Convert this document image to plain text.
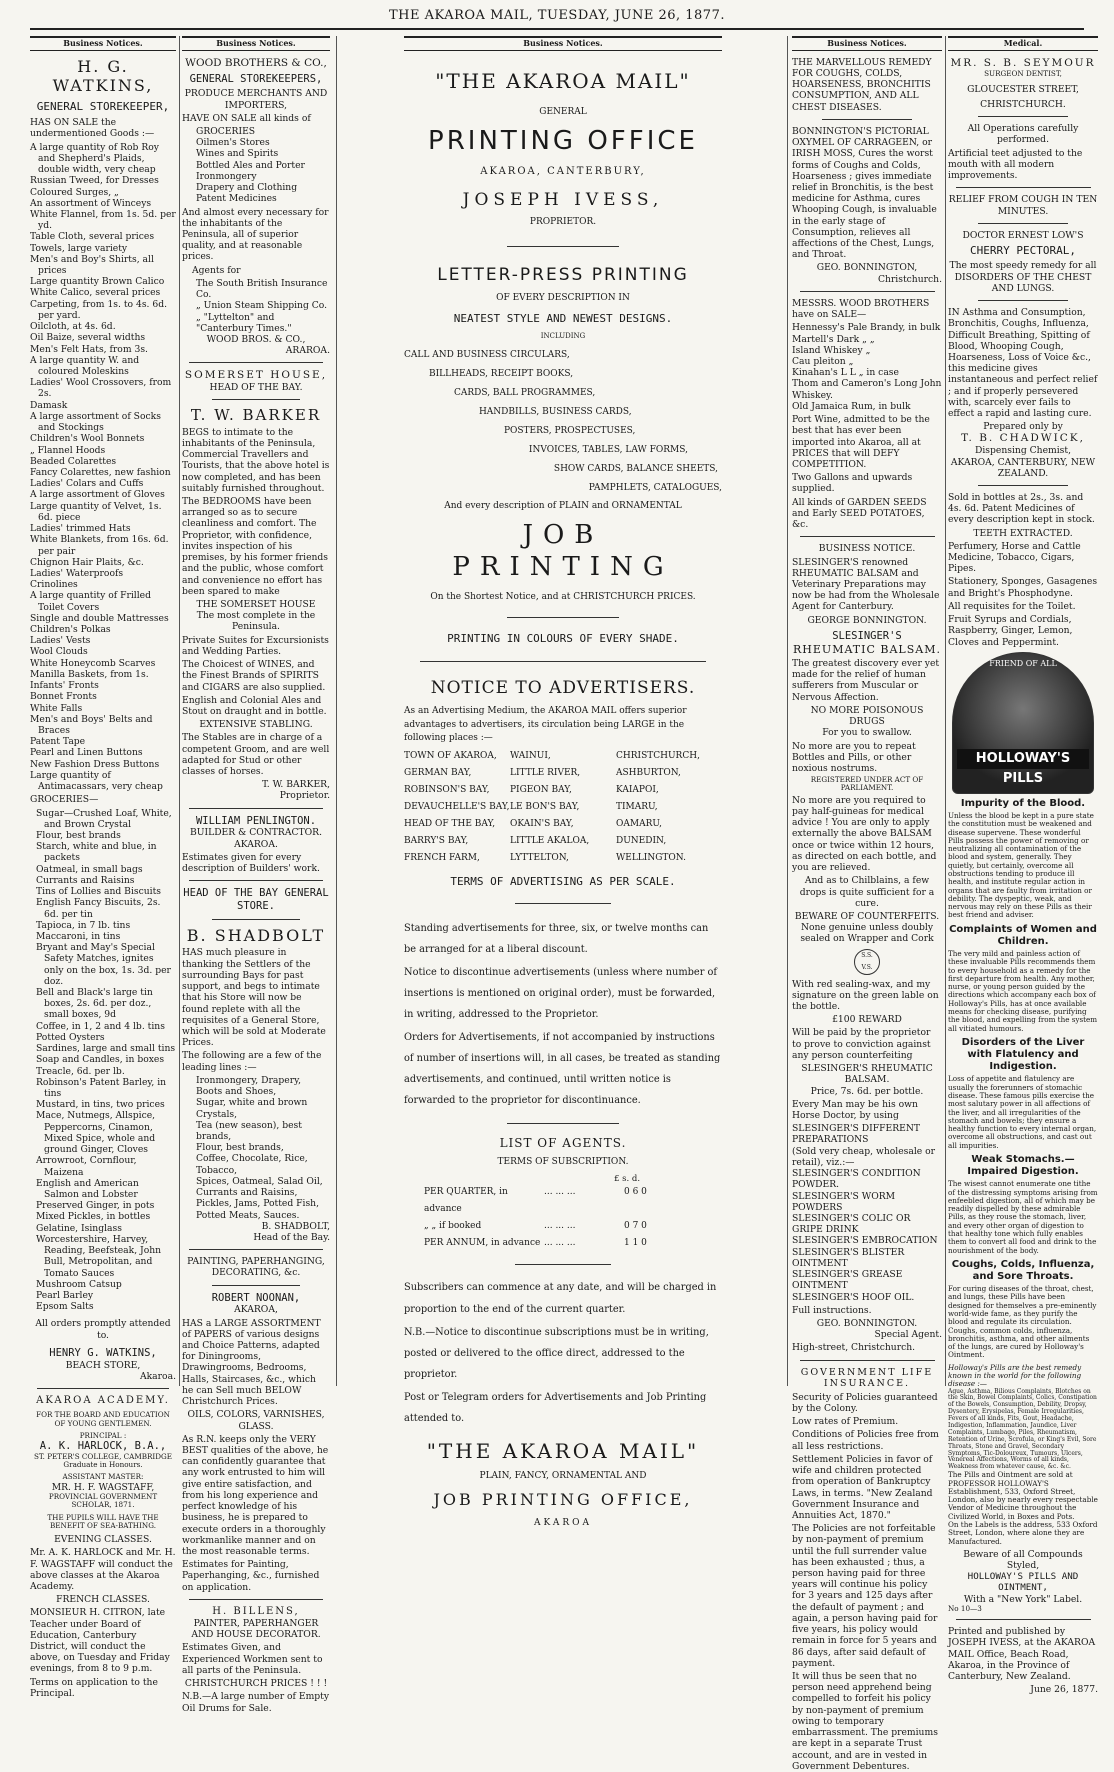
THE AKAROA MAIL, TUESDAY, JUNE 26, 1877.
Business Notices.
H. G. WATKINS,
GENERAL STOREKEEPER,
HAS ON SALE the undermentioned Goods :—
A large quantity of Rob Roy and Shepherd's Plaids, double width, very cheap
Russian Tweed, for Dresses
Coloured Surges, „
An assortment of Winceys
White Flannel, from 1s. 5d. per yd.
Table Cloth, several prices
Towels, large variety
Men's and Boy's Shirts, all prices
Large quantity Brown Calico
White Calico, several prices
Carpeting, from 1s. to 4s. 6d. per yard.
Oilcloth, at 4s. 6d.
Oil Baize, several widths
Men's Felt Hats, from 3s.
A large quantity W. and coloured Moleskins
Ladies' Wool Crossovers, from 2s.
Damask
A large assortment of Socks and Stockings
Children's Wool Bonnets
„ Flannel Hoods
Beaded Colarettes
Fancy Colarettes, new fashion
Ladies' Colars and Cuffs
A large assortment of Gloves
Large quantity of Velvet, 1s. 6d. piece
Ladies' trimmed Hats
White Blankets, from 16s. 6d. per pair
Chignon Hair Plaits, &c.
Ladies' Waterproofs
Crinolines
A large quantity of Frilled Toilet Covers
Single and double Mattresses
Children's Polkas
Ladies' Vests
Wool Clouds
White Honeycomb Scarves
Manilla Baskets, from 1s.
Infants' Fronts
Bonnet Fronts
White Falls
Men's and Boys' Belts and Braces
Patent Tape
Pearl and Linen Buttons
New Fashion Dress Buttons
Large quantity of Antimacassars, very cheap
GROCERIES—
Sugar—Crushed Loaf, White, and Brown Crystal
Flour, best brands
Starch, white and blue, in packets
Oatmeal, in small bags
Currants and Raisins
Tins of Lollies and Biscuits
English Fancy Biscuits, 2s. 6d. per tin
Tapioca, in 7 lb. tins
Maccaroni, in tins
Bryant and May's Special Safety Matches, ignites only on the box, 1s. 3d. per doz.
Bell and Black's large tin boxes, 2s. 6d. per doz., small boxes, 9d
Coffee, in 1, 2 and 4 lb. tins
Potted Oysters
Sardines, large and small tins
Soap and Candles, in boxes
Treacle, 6d. per lb.
Robinson's Patent Barley, in tins
Mustard, in tins, two prices
Mace, Nutmegs, Allspice, Peppercorns, Cinamon, Mixed Spice, whole and ground Ginger, Cloves
Arrowroot, Cornflour, Maizena
English and American Salmon and Lobster
Preserved Ginger, in pots
Mixed Pickles, in bottles
Gelatine, Isinglass
Worcestershire, Harvey, Reading, Beefsteak, John Bull, Metropolitan, and Tomato Sauces
Mushroom Catsup
Pearl Barley
Epsom Salts
All orders promptly attended to.
HENRY G. WATKINS,
BEACH STORE,
Akaroa.
AKAROA ACADEMY.
FOR THE BOARD AND EDUCATION OF YOUNG GENTLEMEN.
PRINCIPAL :
A. K. HARLOCK, B.A.,
ST. PETER'S COLLEGE, CAMBRIDGE
Graduate in Honours.
ASSISTANT MASTER:
MR. H. F. WAGSTAFF,
PROVINCIAL GOVERNMENT SCHOLAR, 1871.
THE PUPILS WILL HAVE THE BENEFIT OF SEA-BATHING.
EVENING CLASSES.
Mr. A. K. HARLOCK and Mr. H. F. WAGSTAFF will conduct the above classes at the Akaroa Academy.
FRENCH CLASSES.
MONSIEUR H. CITRON, late Teacher under Board of Education, Canterbury District, will conduct the above, on Tuesday and Friday evenings, from 8 to 9 p.m.
Terms on application to the Principal.
Business Notices.
WOOD BROTHERS & CO.,
GENERAL STOREKEEPERS,
PRODUCE MERCHANTS AND IMPORTERS,
HAVE ON SALE all kinds of
GROCERIES
Oilmen's Stores
Wines and Spirits
Bottled Ales and Porter
Ironmongery
Drapery and Clothing
Patent Medicines
And almost every necessary for the inhabitants of the Peninsula, all of superior quality, and at reasonable prices.
Agents for
The South British Insurance Co.
„ Union Steam Shipping Co.
„ "Lyttelton" and "Canterbury Times."
WOOD BROS. & CO.,
ARAROA.
SOMERSET HOUSE,
HEAD OF THE BAY.
T. W. BARKER
BEGS to intimate to the inhabitants of the Peninsula, Commercial Travellers and Tourists, that the above hotel is now completed, and has been suitably furnished throughout.
The BEDROOMS have been arranged so as to secure cleanliness and comfort. The Proprietor, with confidence, invites inspection of his premises, by his former friends and the public, whose comfort and convenience no effort has been spared to make
THE SOMERSET HOUSE
The most complete in the Peninsula.
Private Suites for Excursionists and Wedding Parties.
The Choicest of WINES, and the Finest Brands of SPIRITS and CIGARS are also supplied.
English and Colonial Ales and Stout on draught and in bottle.
EXTENSIVE STABLING.
The Stables are in charge of a competent Groom, and are well adapted for Stud or other classes of horses.
T. W. BARKER,
Proprietor.
WILLIAM PENLINGTON.
BUILDER & CONTRACTOR.
AKAROA.
Estimates given for every description of Builders' work.
HEAD OF THE BAY GENERAL STORE.
B. SHADBOLT
HAS much pleasure in thanking the Settlers of the surrounding Bays for past support, and begs to intimate that his Store will now be found replete with all the requisites of a General Store, which will be sold at Moderate Prices.
The following are a few of the leading lines :—
Ironmongery, Drapery,
Boots and Shoes,
Sugar, white and brown Crystals,
Tea (new season), best brands,
Flour, best brands,
Coffee, Chocolate, Rice, Tobacco,
Spices, Oatmeal, Salad Oil,
Currants and Raisins,
Pickles, Jams, Potted Fish,
Potted Meats, Sauces.
B. SHADBOLT,
Head of the Bay.
PAINTING, PAPERHANGING, DECORATING, &c.
ROBERT NOONAN,
AKAROA,
HAS a LARGE ASSORTMENT of PAPERS of various designs and Choice Patterns, adapted for Diningrooms, Drawingrooms, Bedrooms, Halls, Staircases, &c., which he can Sell much BELOW Christchurch Prices.
OILS, COLORS, VARNISHES, GLASS.
As R.N. keeps only the VERY BEST qualities of the above, he can confidently guarantee that any work entrusted to him will give entire satisfaction, and from his long experience and perfect knowledge of his business, he is prepared to execute orders in a thoroughly workmanlike manner and on the most reasonable terms.
Estimates for Painting, Paperhanging, &c., furnished on application.
H. BILLENS,
PAINTER, PAPERHANGER AND HOUSE DECORATOR.
Estimates Given, and Experienced Workmen sent to all parts of the Peninsula.
CHRISTCHURCH PRICES ! ! !
N.B.—A large number of Empty Oil Drums for Sale.
Business Notices.
"THE AKAROA MAIL"
GENERAL
PRINTING OFFICE
AKAROA, CANTERBURY,
JOSEPH IVESS,
PROPRIETOR.
LETTER-PRESS PRINTING
OF EVERY DESCRIPTION IN
NEATEST STYLE AND NEWEST DESIGNS.
INCLUDING
CALL AND BUSINESS CIRCULARS,
BILLHEADS, RECEIPT BOOKS,
CARDS, BALL PROGRAMMES,
HANDBILLS, BUSINESS CARDS,
POSTERS, PROSPECTUSES,
INVOICES, TABLES, LAW FORMS,
SHOW CARDS, BALANCE SHEETS,
PAMPHLETS, CATALOGUES,
And every description of PLAIN and ORNAMENTAL
JOB PRINTING
On the Shortest Notice, and at CHRISTCHURCH PRICES.
PRINTING IN COLOURS OF EVERY SHADE.
NOTICE TO ADVERTISERS.
As an Advertising Medium, the AKAROA MAIL offers superior advantages to advertisers, its circulation being LARGE in the following places :—
TOWN OF AKAROA,	WAINUI,	CHRISTCHURCH,
GERMAN BAY,	LITTLE RIVER,	ASHBURTON,
ROBINSON'S BAY,	PIGEON BAY,	KAIAPOI,
DEVAUCHELLE'S BAY, LE BON'S BAY,	TIMARU,
HEAD OF THE BAY,	OKAIN'S BAY,	OAMARU,
BARRY'S BAY,	LITTLE AKALOA,	DUNEDIN,
FRENCH FARM,	LYTTELTON,	WELLINGTON.
TERMS OF ADVERTISING AS PER SCALE.
Standing advertisements for three, six, or twelve months can be arranged for at a liberal discount.
Notice to discontinue advertisements (unless where number of insertions is mentioned on original order), must be forwarded, in writing, addressed to the Proprietor.
Orders for Advertisements, if not accompanied by instructions of number of insertions will, in all cases, be treated as standing advertisements, and continued, until written notice is forwarded to the proprietor for discontinuance.
LIST OF AGENTS.
TERMS OF SUBSCRIPTION.
£ s. d.
PER QUARTER, in advance
... ... ...	0 6 0
„ „ if booked	... ... ...	0 7 0
PER ANNUM, in advance ... ... ...	1 1 0
Subscribers can commence at any date, and will be charged in proportion to the end of the current quarter.
N.B.—Notice to discontinue subscriptions must be in writing, posted or delivered to the office direct, addressed to the proprietor.
Post or Telegram orders for Advertisements and Job Printing attended to.
"THE AKAROA MAIL"
PLAIN, FANCY, ORNAMENTAL AND
JOB PRINTING OFFICE,
AKAROA
Business Notices.
THE MARVELLOUS REMEDY FOR COUGHS, COLDS, HOARSENESS, BRONCHITIS CONSUMPTION, AND ALL CHEST DISEASES.
BONNINGTON'S PICTORIAL OXYMEL OF CARRAGEEN, or IRISH MOSS, Cures the worst forms of Coughs and Colds, Hoarseness ; gives immediate relief in Bronchitis, is the best medicine for Asthma, cures Whooping Cough, is invaluable in the early stage of Consumption, relieves all affections of the Chest, Lungs, and Throat.
GEO. BONNINGTON,
Christchurch.
MESSRS. WOOD BROTHERS have on SALE—
Hennessy's Pale Brandy, in bulk
Martell's Dark „ „
Island Whiskey „
Cau pleiton „
Kinahan's L L „ in case
Thom and Cameron's Long John Whiskey.
Old Jamaica Rum, in bulk
Port Wine, admitted to be the best that has ever been imported into Akaroa, all at PRICES that will DEFY COMPETITION.
Two Gallons and upwards supplied.
All kinds of GARDEN SEEDS and Early SEED POTATOES, &c.
BUSINESS NOTICE.
SLESINGER'S renowned RHEUMATIC BALSAM and Veterinary Preparations may now be had from the Wholesale Agent for Canterbury.
GEORGE BONNINGTON.
SLESINGER'S
RHEUMATIC BALSAM.
The greatest discovery ever yet made for the relief of human sufferers from Muscular or Nervous Affection.
NO MORE POISONOUS DRUGS
For you to swallow.
No more are you to repeat Bottles and Pills, or other noxious nostrums.
REGISTERED UNDER ACT OF PARLIAMENT.
No more are you required to pay half-guineas for medical advice ! You are only to apply externally the above BALSAM once or twice within 12 hours, as directed on each bottle, and you are relieved.
And as to Chilblains, a few drops is quite sufficient for a cure.
BEWARE OF COUNTERFEITS.
None genuine unless doubly sealed on Wrapper and Cork
S.S. V.S.
With red sealing-wax, and my signature on the green lable on the bottle.
£100 REWARD
Will be paid by the proprietor to prove to conviction against any person counterfeiting
SLESINGER'S RHEUMATIC BALSAM.
Price, 7s. 6d. per bottle.
Every Man may be his own Horse Doctor, by using
SLESINGER'S DIFFERENT PREPARATIONS
(Sold very cheap, wholesale or retail), viz.:—
SLESINGER'S CONDITION POWDER.
SLESINGER'S WORM POWDERS
SLESINGER'S COLIC OR GRIPE DRINK
SLESINGER'S EMBROCATION
SLESINGER'S BLISTER OINTMENT
SLESINGER'S GREASE OINTMENT
SLESINGER'S HOOF OIL.
Full instructions.
GEO. BONNINGTON.
Special Agent.
High-street, Christchurch.
GOVERNMENT LIFE INSURANCE.
Security of Policies guaranteed by the Colony.
Low rates of Premium.
Conditions of Policies free from all less restrictions.
Settlement Policies in favor of wife and children protected from operation of Bankruptcy Laws, in terms. "New Zealand Government Insurance and Annuities Act, 1870."
The Policies are not forfeitable by non-payment of premium until the full surrender value has been exhausted ; thus, a person having paid for three years will continue his policy for 3 years and 125 days after the default of payment ; and again, a person having paid for five years, his policy would remain in force for 5 years and 86 days, after said default of payment.
It will thus be seen that no person need apprehend being compelled to forfeit his policy by non-payment of premium owing to temporary embarrassment. The premiums are kept in a separate Trust account, and are in vested in Government Debentures.
Medical.
MR. S. B. SEYMOUR
SURGEON DENTIST,
GLOUCESTER STREET,
CHRISTCHURCH.
All Operations carefully performed.
Artificial teet adjusted to the mouth with all modern improvements.
RELIEF FROM COUGH IN TEN MINUTES.
DOCTOR ERNEST LOW'S
CHERRY PECTORAL,
The most speedy remedy for all
DISORDERS OF THE CHEST AND LUNGS.
IN Asthma and Consumption, Bronchitis, Coughs, Influenza, Difficult Breathing, Spitting of Blood, Whooping Cough, Hoarseness, Loss of Voice &c., this medicine gives instantaneous and perfect relief ; and if properly persevered with, scarcely ever fails to effect a rapid and lasting cure.
Prepared only by
T. B. CHADWICK,
Dispensing Chemist,
AKAROA, CANTERBURY, NEW ZEALAND.
Sold in bottles at 2s., 3s. and 4s. 6d. Patent Medicines of every description kept in stock.
TEETH EXTRACTED.
Perfumery, Horse and Cattle Medicine, Tobacco, Cigars, Pipes.
Stationery, Sponges, Gasagenes and Bright's Phosphodyne.
All requisites for the Toilet.
Fruit Syrups and Cordials, Raspberry, Ginger, Lemon, Cloves and Peppermint.
FRIEND OF ALL
HOLLOWAY'S PILLS
Impurity of the Blood.
Unless the blood be kept in a pure state the constitution must be weakened and disease supervene. These wonderful Pills possess the power of removing or neutralizing all contamination of the blood and system, generally. They quietly, but certainly, overcome all obstructions tending to produce ill health, and institute regular action in organs that are faulty from irritation or debility. The dyspeptic, weak, and nervous may rely on these Pills as their best friend and adviser.
Complaints of Women and Children.
The very mild and painless action of these invaluable Pills recommends them to every household as a remedy for the first departure from health. Any mother, nurse, or young person guided by the directions which accompany each box of Holloway's Pills, has at once available means for checking disease, purifying the blood, and expelling from the system all vitiated humours.
Disorders of the Liver with Flatulency and Indigestion.
Loss of appetite and flatulency are usually the forerunners of stomachic disease. These famous pills exercise the most salutary power in all affections of the liver, and all irregularities of the stomach and bowels; they ensure a healthy function to every internal organ, overcome all obstructions, and cast out all impurities.
Weak Stomachs.—Impaired Digestion.
The wisest cannot enumerate one tithe of the distressing symptoms arising from enfeebled digestion, all of which may be readily dispelled by these admirable Pills, as they rouse the stomach, liver, and every other organ of digestion to that healthy tone which fully enables them to convert all food and drink to the nourishment of the body.
Coughs, Colds, Influenza, and Sore Throats.
For curing diseases of the throat, chest, and lungs, these Pills have been designed for themselves a pre-eminently world-wide fame, as they purify the blood and regulate its circulation. Coughs, common colds, influenza, bronchitis, asthma, and other ailments of the lungs, are cured by Holloway's Ointment.
Holloway's Pills are the best remedy known in the world for the following disease :—
Ague, Asthma, Bilious Complaints, Blotches on the Skin, Bowel Complaints, Colics, Constipation of the Bowels, Consumption, Debility, Dropsy, Dysentery, Erysipelas, Female Irregularities, Fevers of all kinds, Fits, Gout, Headache, Indigestion, Inflammation, Jaundice, Liver Complaints, Lumbago, Piles, Rheumatism, Retention of Urine, Scrofula, or King's Evil, Sore Throats, Stone and Gravel, Secondary Symptoms, Tic-Doloureux, Tumours, Ulcers, Venereal Affections, Worms of all kinds, Weakness from whatever cause, &c. &c.
The Pills and Ointment are sold at PROFESSOR HOLLOWAY'S Establishment, 533, Oxford Street, London, also by nearly every respectable Vendor of Medicine throughout the Civilized World, in Boxes and Pots.
On the Labels is the address, 533 Oxford Street, London, where alone they are Manufactured.
Beware of all Compounds Styled,
HOLLOWAY'S PILLS AND OINTMENT,
With a "New York" Label.
No 10—3
Printed and published by JOSEPH IVESS, at the AKAROA MAIL Office, Beach Road, Akaroa, in the Province of Canterbury, New Zealand.
June 26, 1877.
